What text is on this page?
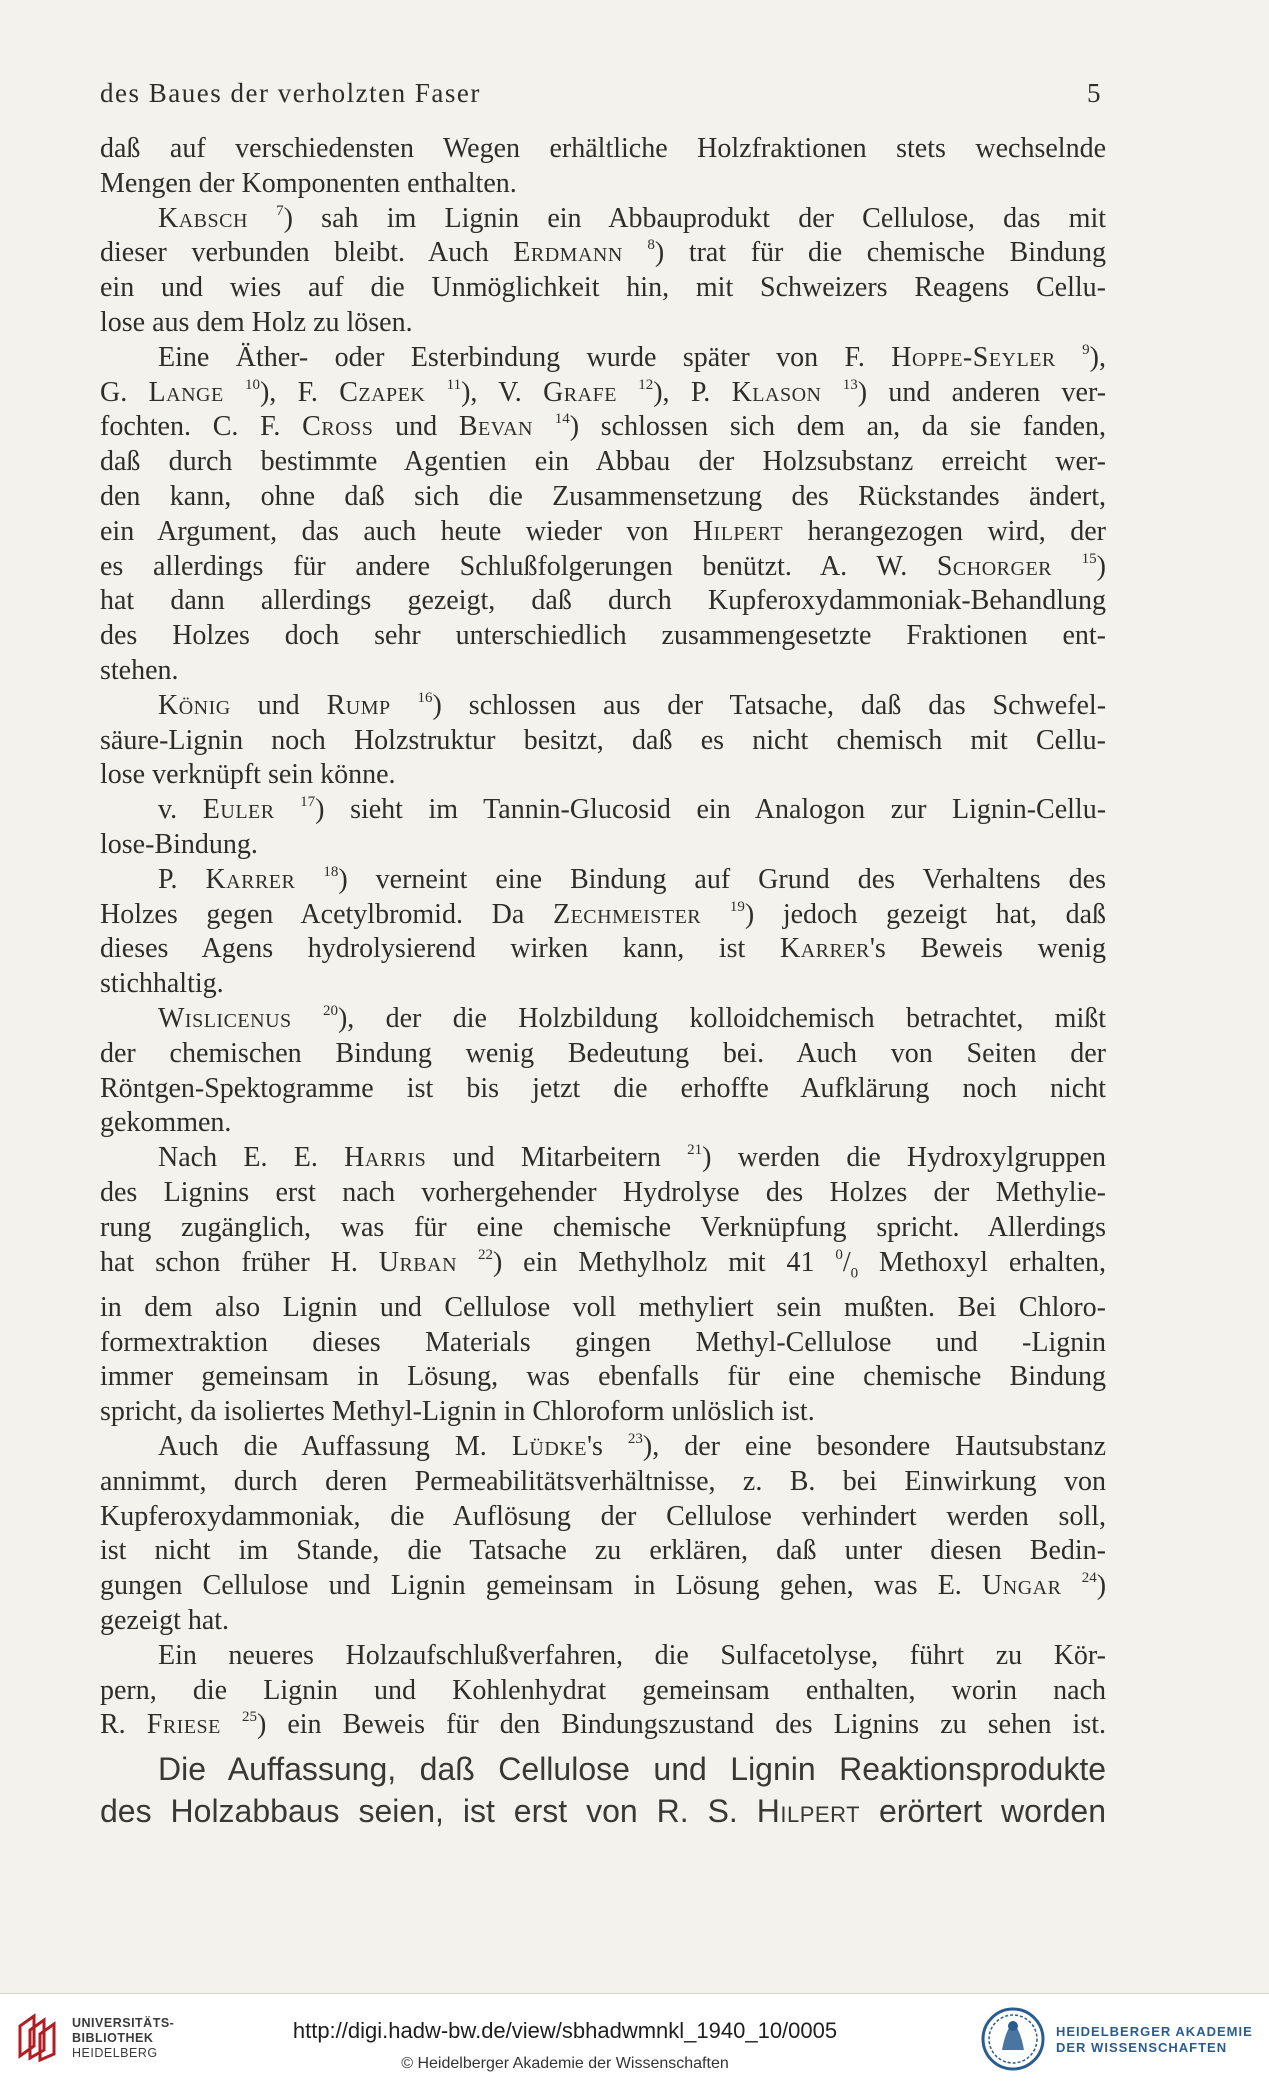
des Baues der verholzten Faser	5
daß auf verschiedensten Wegen erhältliche Holzfraktionen stets wechselnde
Mengen der Komponenten enthalten.
Kabsch $^7$) sah im Lignin ein Abbauprodukt der Cellulose, das mit
dieser verbunden bleibt. Auch Erdmann $^8$) trat für die chemische Bindung
ein und wies auf die Unmöglichkeit hin, mit Schweizers Reagens Cellu-
lose aus dem Holz zu lösen.
Eine Äther- oder Esterbindung wurde später von F. Hoppe-Seyler $^9$),
G. Lange $^{10}$), F. Czapek $^{11}$), V. Grafe $^{12}$), P. Klason $^{13}$) und anderen ver-
fochten. C. F. Cross und Bevan $^{14}$) schlossen sich dem an, da sie fanden,
daß durch bestimmte Agentien ein Abbau der Holzsubstanz erreicht wer-
den kann, ohne daß sich die Zusammensetzung des Rückstandes ändert,
ein Argument, das auch heute wieder von Hilpert herangezogen wird, der
es allerdings für andere Schlußfolgerungen benützt. A. W. Schorger $^{15}$)
hat dann allerdings gezeigt, daß durch Kupferoxydammoniak-Behandlung
des Holzes doch sehr unterschiedlich zusammengesetzte Fraktionen ent-
stehen.
König und Rump $^{16}$) schlossen aus der Tatsache, daß das Schwefel-
säure-Lignin noch Holzstruktur besitzt, daß es nicht chemisch mit Cellu-
lose verknüpft sein könne.
v. Euler $^{17}$) sieht im Tannin-Glucosid ein Analogon zur Lignin-Cellu-
lose-Bindung.
P. Karrer $^{18}$) verneint eine Bindung auf Grund des Verhaltens des
Holzes gegen Acetylbromid. Da Zechmeister $^{19}$) jedoch gezeigt hat, daß
dieses Agens hydrolysierend wirken kann, ist Karrer's Beweis wenig
stichhaltig.
Wislicenus $^{20}$), der die Holzbildung kolloidchemisch betrachtet, mißt
der chemischen Bindung wenig Bedeutung bei. Auch von Seiten der
Röntgen-Spektogramme ist bis jetzt die erhoffte Aufklärung noch nicht
gekommen.
Nach E. E. Harris und Mitarbeitern $^{21}$) werden die Hydroxylgruppen
des Lignins erst nach vorhergehender Hydrolyse des Holzes der Methylie-
rung zugänglich, was für eine chemische Verknüpfung spricht. Allerdings
hat schon früher H. Urban $^{22}$) ein Methylholz mit 41 $^0/_0$ Methoxyl erhalten,
in dem also Lignin und Cellulose voll methyliert sein mußten. Bei Chloro-
formextraktion dieses Materials gingen Methyl-Cellulose und -Lignin
immer gemeinsam in Lösung, was ebenfalls für eine chemische Bindung
spricht, da isoliertes Methyl-Lignin in Chloroform unlöslich ist.
Auch die Auffassung M. Lüdke's $^{23}$), der eine besondere Hautsubstanz
annimmt, durch deren Permeabilitätsverhältnisse, z. B. bei Einwirkung von
Kupferoxydammoniak, die Auflösung der Cellulose verhindert werden soll,
ist nicht im Stande, die Tatsache zu erklären, daß unter diesen Bedin-
gungen Cellulose und Lignin gemeinsam in Lösung gehen, was E. Ungar $^{24}$)
gezeigt hat.
Ein neueres Holzaufschlußverfahren, die Sulfacetolyse, führt zu Kör-
pern, die Lignin und Kohlenhydrat gemeinsam enthalten, worin nach
R. Friese $^{25}$) ein Beweis für den Bindungszustand des Lignins zu sehen ist.
Die Auffassung, daß Cellulose und Lignin Reaktionsprodukte
des Holzabbaus seien, ist erst von R. S. Hilpert erörtert worden
UNIVERSITÄTS-
BIBLIOTHEK
HEIDELBERG
http://digi.hadw-bw.de/view/sbhadwmnkl_1940_10/0005
© Heidelberger Akademie der Wissenschaften
HEIDELBERGER AKADEMIE
DER WISSENSCHAFTEN
